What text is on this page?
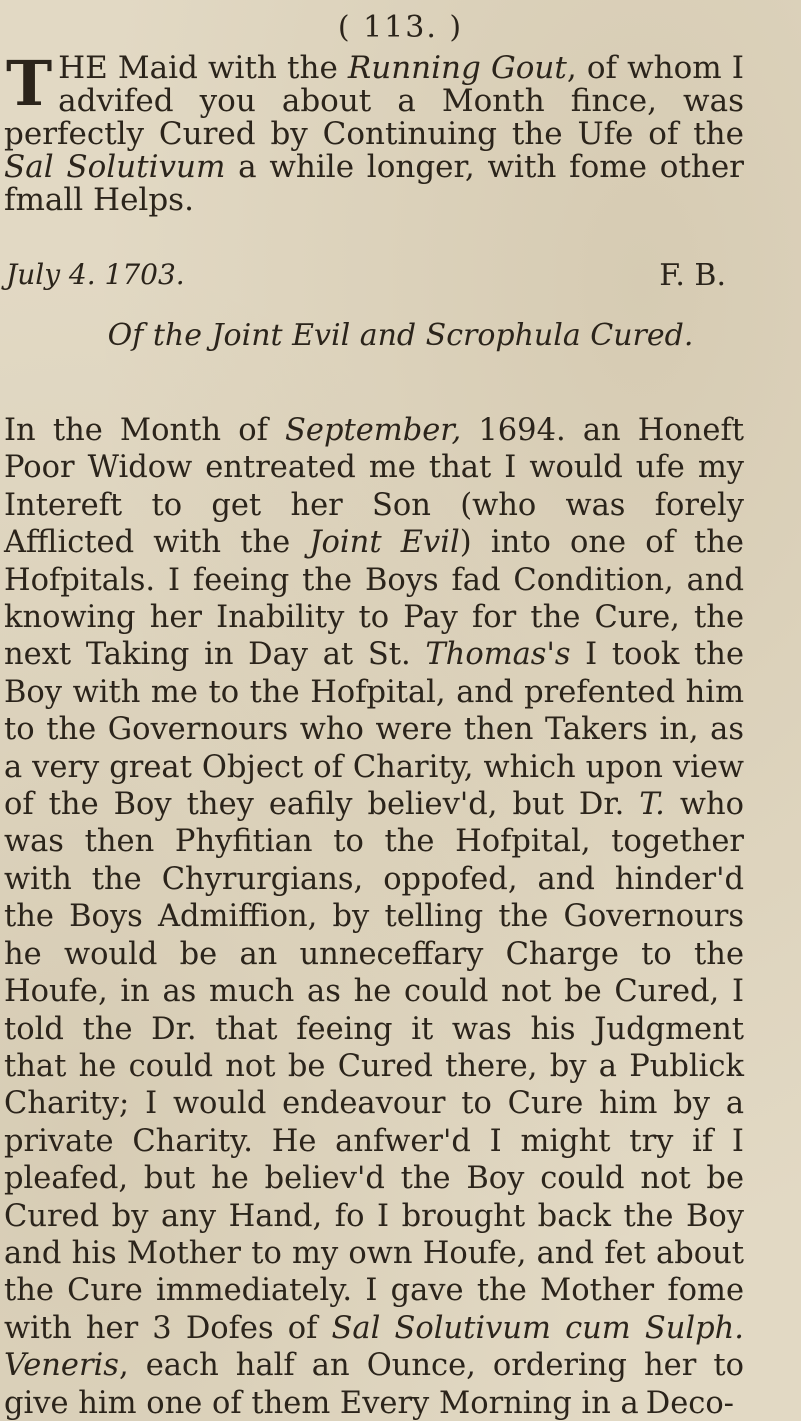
( 113. )
THE Maid with the Running Gout, of whom I advifed you about a Month fince, was perfectly Cured by Continuing the Ufe of the Sal Solutivum a while longer, with fome other fmall Helps.
July 4. 1703.	F. B.
Of the Joint Evil and Scrophula Cured.
In the Month of September, 1694. an Honeft Poor Widow entreated me that I would ufe my Intereft to get her Son (who was forely Afflicted with the Joint Evil) into one of the Hofpitals. I feeing the Boys fad Condition, and knowing her Inability to Pay for the Cure, the next Taking in Day at St. Thomas's I took the Boy with me to the Hofpital, and prefented him to the Governours who were then Takers in, as a very great Object of Charity, which upon view of the Boy they eafily believ'd, but Dr. T. who was then Phyfitian to the Hofpital, together with the Chyrurgians, oppofed, and hinder'd the Boys Admiffion, by telling the Governours he would be an unneceffary Charge to the Houfe, in as much as he could not be Cured, I told the Dr. that feeing it was his Judgment that he could not be Cured there, by a Publick Charity; I would endeavour to Cure him by a private Charity. He anfwer'd I might try if I pleafed, but he believ'd the Boy could not be Cured by any Hand, fo I brought back the Boy and his Mother to my own Houfe, and fet about the Cure immediately. I gave the Mother fome with her 3 Dofes of Sal Solutivum cum Sulph. Veneris, each half an Ounce, ordering her to give him one of them Every Morning in a Deco-
